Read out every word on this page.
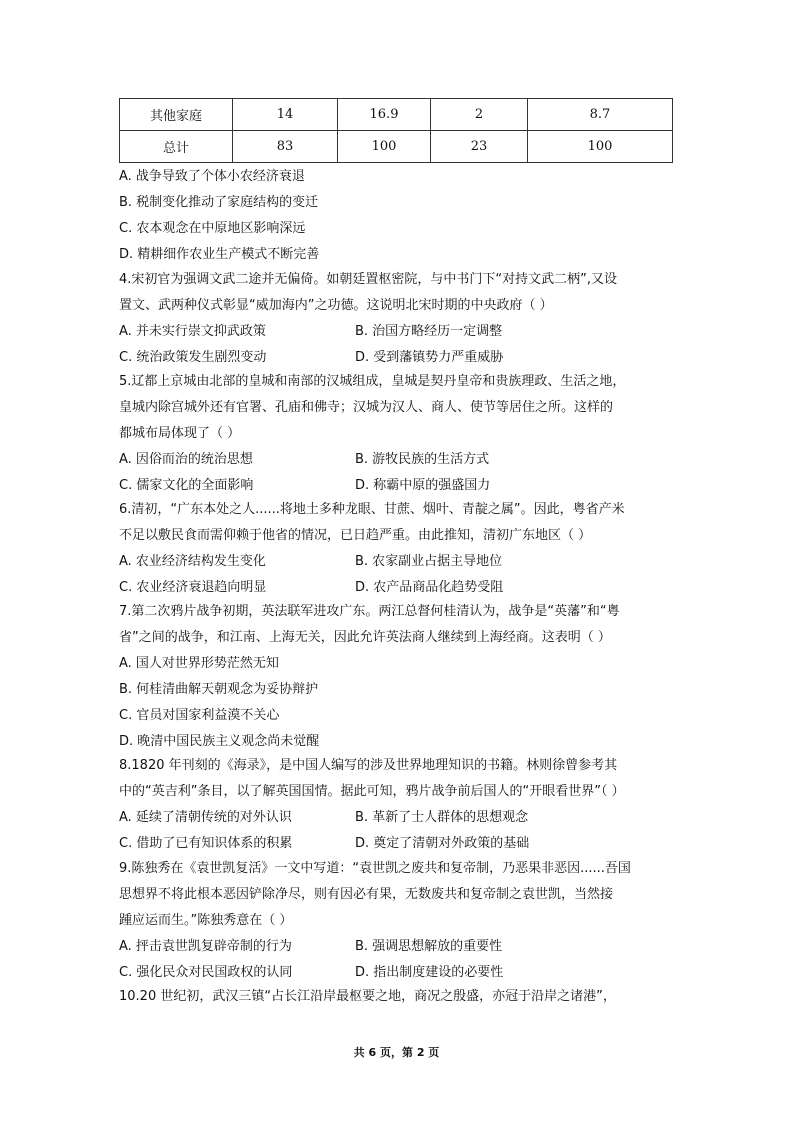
其他家庭	14	16.9	2	8.7
总计	83	100	23	100
A. 战争导致了个体小农经济衰退
B. 税制变化推动了家庭结构的变迁
C. 农本观念在中原地区影响深远
D. 精耕细作农业生产模式不断完善
4.宋初官为强调文武二途并无偏倚。如朝廷置枢密院，与中书门下“对持文武二柄”,又设
置文、武两种仪式彰显“威加海内”之功德。这说明北宋时期的中央政府（ ）
A. 并未实行崇文抑武政策	B. 治国方略经历一定调整
C. 统治政策发生剧烈变动	D. 受到藩镇势力严重威胁
5.辽都上京城由北部的皇城和南部的汉城组成，皇城是契丹皇帝和贵族理政、生活之地，
皇城内除宫城外还有官署、孔庙和佛寺；汉城为汉人、商人、使节等居住之所。这样的
都城布局体现了（ ）
A. 因俗而治的统治思想	B. 游牧民族的生活方式
C. 儒家文化的全面影响	D. 称霸中原的强盛国力
6.清初，“广东本处之人......将地土多种龙眼、甘蔗、烟叶、青靛之属”。因此，粤省产米
不足以敷民食而需仰赖于他省的情况，已日趋严重。由此推知，清初广东地区（ ）
A. 农业经济结构发生变化	B. 农家副业占据主导地位
C. 农业经济衰退趋向明显	D. 农产品商品化趋势受阻
7.第二次鸦片战争初期，英法联军进攻广东。两江总督何桂清认为，战争是“英藩”和“粤
省”之间的战争，和江南、上海无关，因此允许英法商人继续到上海经商。这表明（ ）
A. 国人对世界形势茫然无知
B. 何桂清曲解天朝观念为妥协辩护
C. 官员对国家利益漠不关心
D. 晚清中国民族主义观念尚未觉醒
8.1820 年刊刻的《海录》，是中国人编写的涉及世界地理知识的书籍。林则徐曾参考其
中的“英吉利”条目，以了解英国国情。据此可知，鸦片战争前后国人的“开眼看世界”（ ）
A. 延续了清朝传统的对外认识	B. 革新了士人群体的思想观念
C. 借助了已有知识体系的积累	D. 奠定了清朝对外政策的基础
9.陈独秀在《袁世凯复活》一文中写道：“袁世凯之废共和复帝制，乃恶果非恶因......吾国
思想界不将此根本恶因铲除净尽，则有因必有果，无数废共和复帝制之袁世凯，当然接
踵应运而生。”陈独秀意在（ ）
A. 抨击袁世凯复辟帝制的行为	B. 强调思想解放的重要性
C. 强化民众对民国政权的认同	D. 指出制度建设的必要性
10.20 世纪初，武汉三镇“占长江沿岸最枢要之地，商况之殷盛，亦冠于沿岸之诸港”，
共 6 页，第 2 页
